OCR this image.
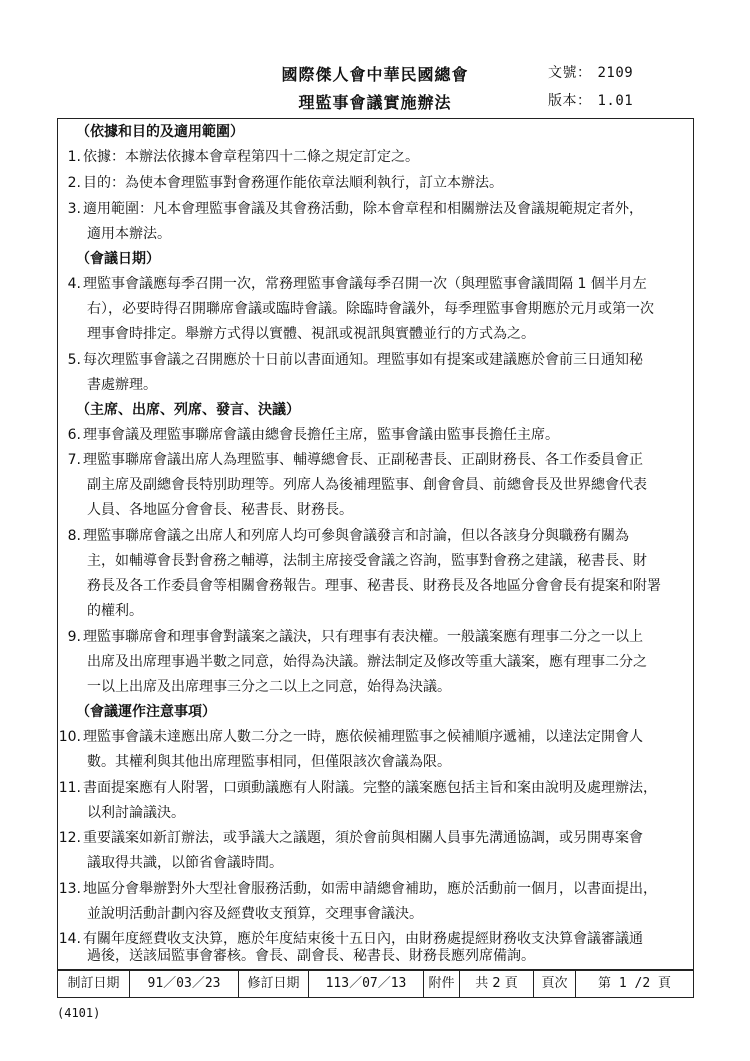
國際傑人會中華民國總會
理監事會議實施辦法
文號： 2109
版本： 1.01
（依據和目的及適用範圍）
1. 依據：本辦法依據本會章程第四十二條之規定訂定之。
2. 目的：為使本會理監事對會務運作能依章法順利執行，訂立本辦法。
3. 適用範圍：凡本會理監事會議及其會務活動，除本會章程和相關辦法及會議規範規定者外，
適用本辦法。
（會議日期）
4. 理監事會議應每季召開一次，常務理監事會議每季召開一次（與理監事會議間隔 1 個半月左
右），必要時得召開聯席會議或臨時會議。除臨時會議外，每季理監事會期應於元月或第一次
理事會時排定。舉辦方式得以實體、視訊或視訊與實體並行的方式為之。
5. 每次理監事會議之召開應於十日前以書面通知。理監事如有提案或建議應於會前三日通知秘
書處辦理。
（主席、出席、列席、發言、決議）
6. 理事會議及理監事聯席會議由總會長擔任主席，監事會議由監事長擔任主席。
7. 理監事聯席會議出席人為理監事、輔導總會長、正副秘書長、正副財務長、各工作委員會正
副主席及副總會長特別助理等。列席人為後補理監事、創會會員、前總會長及世界總會代表
人員、各地區分會會長、秘書長、財務長。
8. 理監事聯席會議之出席人和列席人均可參與會議發言和討論，但以各該身分與職務有關為
主，如輔導會長對會務之輔導，法制主席接受會議之咨詢，監事對會務之建議，秘書長、財
務長及各工作委員會等相關會務報告。理事、秘書長、財務長及各地區分會會長有提案和附署
的權利。
9. 理監事聯席會和理事會對議案之議決，只有理事有表決權。一般議案應有理事二分之一以上
出席及出席理事過半數之同意，始得為決議。辦法制定及修改等重大議案，應有理事二分之
一以上出席及出席理事三分之二以上之同意，始得為決議。
（會議運作注意事項）
10. 理監事會議未達應出席人數二分之一時，應依候補理監事之候補順序遞補，以達法定開會人
數。其權利與其他出席理監事相同，但僅限該次會議為限。
11. 書面提案應有人附署，口頭動議應有人附議。完整的議案應包括主旨和案由說明及處理辦法，
以利討論議決。
12. 重要議案如新訂辦法，或爭議大之議題，須於會前與相關人員事先溝通協調，或另開專案會
議取得共識，以節省會議時間。
13. 地區分會舉辦對外大型社會服務活動，如需申請總會補助，應於活動前一個月，以書面提出，
並說明活動計劃內容及經費收支預算，交理事會議決。
14. 有關年度經費收支決算，應於年度結束後十五日內，由財務處提經財務收支決算會議審議通
過後，送該屆監事會審核。會長、副會長、秘書長、財務長應列席備詢。
制訂日期	91／03／23	修訂日期	113／07／13	附件	共 2 頁	頁次	第 1 /2 頁
(4101)
